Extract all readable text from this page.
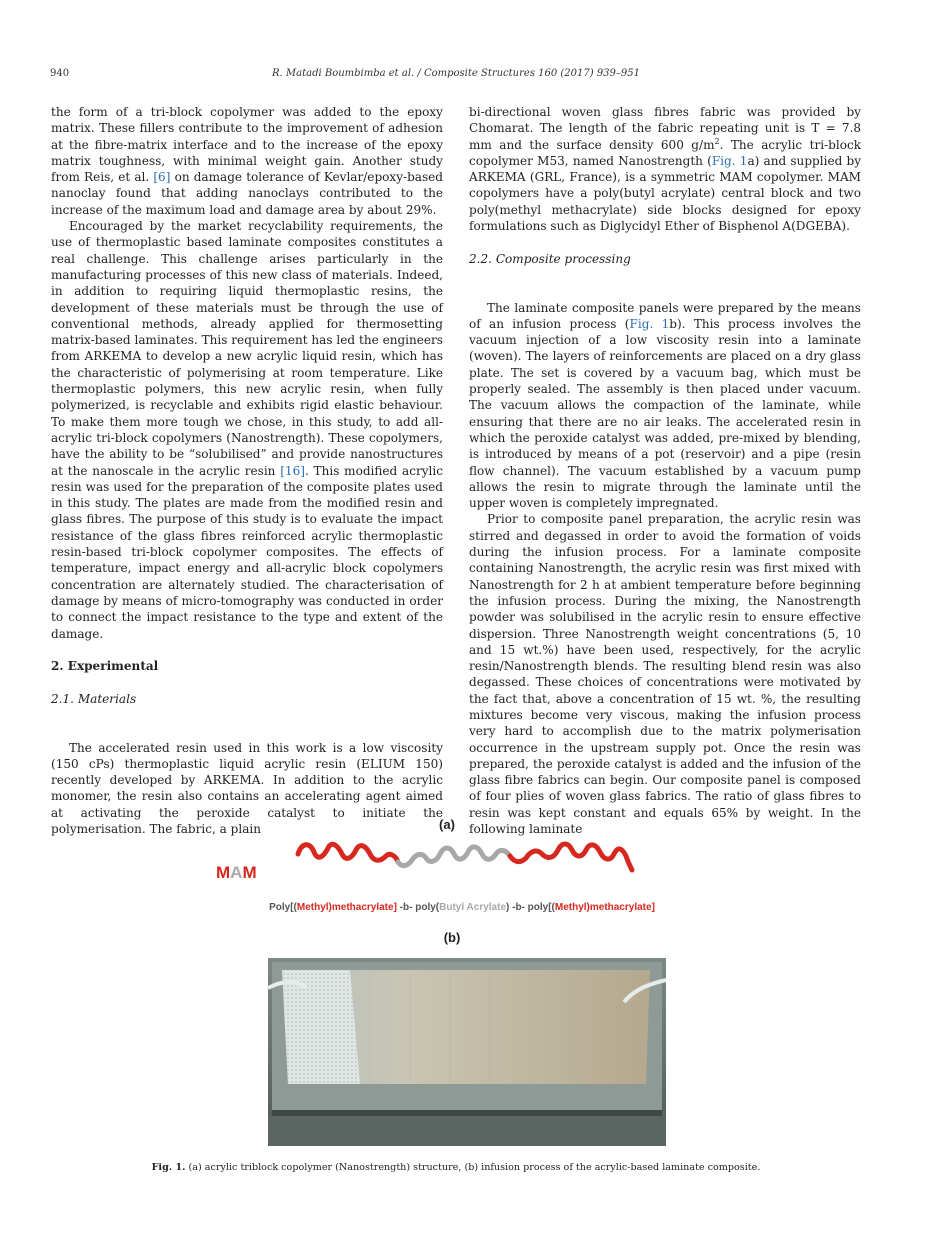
940	R. Matadi Boumbimba et al. / Composite Structures 160 (2017) 939–951

the form of a tri-block copolymer was added to the epoxy matrix. These fillers contribute to the improvement of adhesion at the fibre-matrix interface and to the increase of the epoxy matrix toughness, with minimal weight gain. Another study from Reis, et al. [6] on damage tolerance of Kevlar/epoxy-based nanoclay found that adding nanoclays contributed to the increase of the maximum load and damage area by about 29%.

Encouraged by the market recyclability requirements, the use of thermoplastic based laminate composites constitutes a real challenge. This challenge arises particularly in the manufacturing processes of this new class of materials. Indeed, in addition to requiring liquid thermoplastic resins, the development of these materials must be through the use of conventional methods, already applied for thermosetting matrix-based laminates. This requirement has led the engineers from ARKEMA to develop a new acrylic liquid resin, which has the characteristic of polymerising at room temperature. Like thermoplastic polymers, this new acrylic resin, when fully polymerized, is recyclable and exhibits rigid elastic behaviour. To make them more tough we chose, in this study, to add all-acrylic tri-block copolymers (Nanostrength). These copolymers, have the ability to be “solubilised” and provide nanostructures at the nanoscale in the acrylic resin [16]. This modified acrylic resin was used for the preparation of the composite plates used in this study. The plates are made from the modified resin and glass fibres. The purpose of this study is to evaluate the impact resistance of the glass fibres reinforced acrylic thermoplastic resin-based tri-block copolymer composites. The effects of temperature, impact energy and all-acrylic block copolymers concentration are alternately studied. The characterisation of damage by means of micro-tomography was conducted in order to connect the impact resistance to the type and extent of the damage.

2. Experimental
2.1. Materials

The accelerated resin used in this work is a low viscosity (150 cPs) thermoplastic liquid acrylic resin (ELIUM 150) recently developed by ARKEMA. In addition to the acrylic monomer, the resin also contains an accelerating agent aimed at activating the peroxide catalyst to initiate the polymerisation. The fabric, a plain

bi-directional woven glass fibres fabric was provided by Chomarat. The length of the fabric repeating unit is T = 7.8 mm and the surface density 600 $g/m^2$. The acrylic tri-block copolymer M53, named Nanostrength (Fig. 1a) and supplied by ARKEMA (GRL, France), is a symmetric MAM copolymer. MAM copolymers have a poly(butyl acrylate) central block and two poly(methyl methacrylate) side blocks designed for epoxy formulations such as Diglycidyl Ether of Bisphenol A(DGEBA).

2.2. Composite processing

The laminate composite panels were prepared by the means of an infusion process (Fig. 1b). This process involves the vacuum injection of a low viscosity resin into a laminate (woven). The layers of reinforcements are placed on a dry glass plate. The set is covered by a vacuum bag, which must be properly sealed. The assembly is then placed under vacuum. The vacuum allows the compaction of the laminate, while ensuring that there are no air leaks. The accelerated resin in which the peroxide catalyst was added, pre-mixed by blending, is introduced by means of a pot (reservoir) and a pipe (resin flow channel). The vacuum established by a vacuum pump allows the resin to migrate through the laminate until the upper woven is completely impregnated.

Prior to composite panel preparation, the acrylic resin was stirred and degassed in order to avoid the formation of voids during the infusion process. For a laminate composite containing Nanostrength, the acrylic resin was first mixed with Nanostrength for 2 h at ambient temperature before beginning the infusion process. During the mixing, the Nanostrength powder was solubilised in the acrylic resin to ensure effective dispersion. Three Nanostrength weight concentrations (5, 10 and 15 wt.%) have been used, respectively, for the acrylic resin/Nanostrength blends. The resulting blend resin was also degassed. These choices of concentrations were motivated by the fact that, above a concentration of 15 wt. %, the resulting mixtures become very viscous, making the infusion process very hard to accomplish due to the matrix polymerisation occurrence in the upstream supply pot. Once the resin was prepared, the peroxide catalyst is added and the infusion of the glass fibre fabrics can begin. Our composite panel is composed of four plies of woven glass fabrics. The ratio of glass fibres to resin was kept constant and equals 65% by weight. In the following laminate

(a)
MAM
Poly[(Methyl)methacrylate] -b- poly(Butyl Acrylate) -b- poly[(Methyl)methacrylate]
(b)
Fig. 1. (a) acrylic triblock copolymer (Nanostrength) structure, (b) infusion process of the acrylic-based laminate composite.
